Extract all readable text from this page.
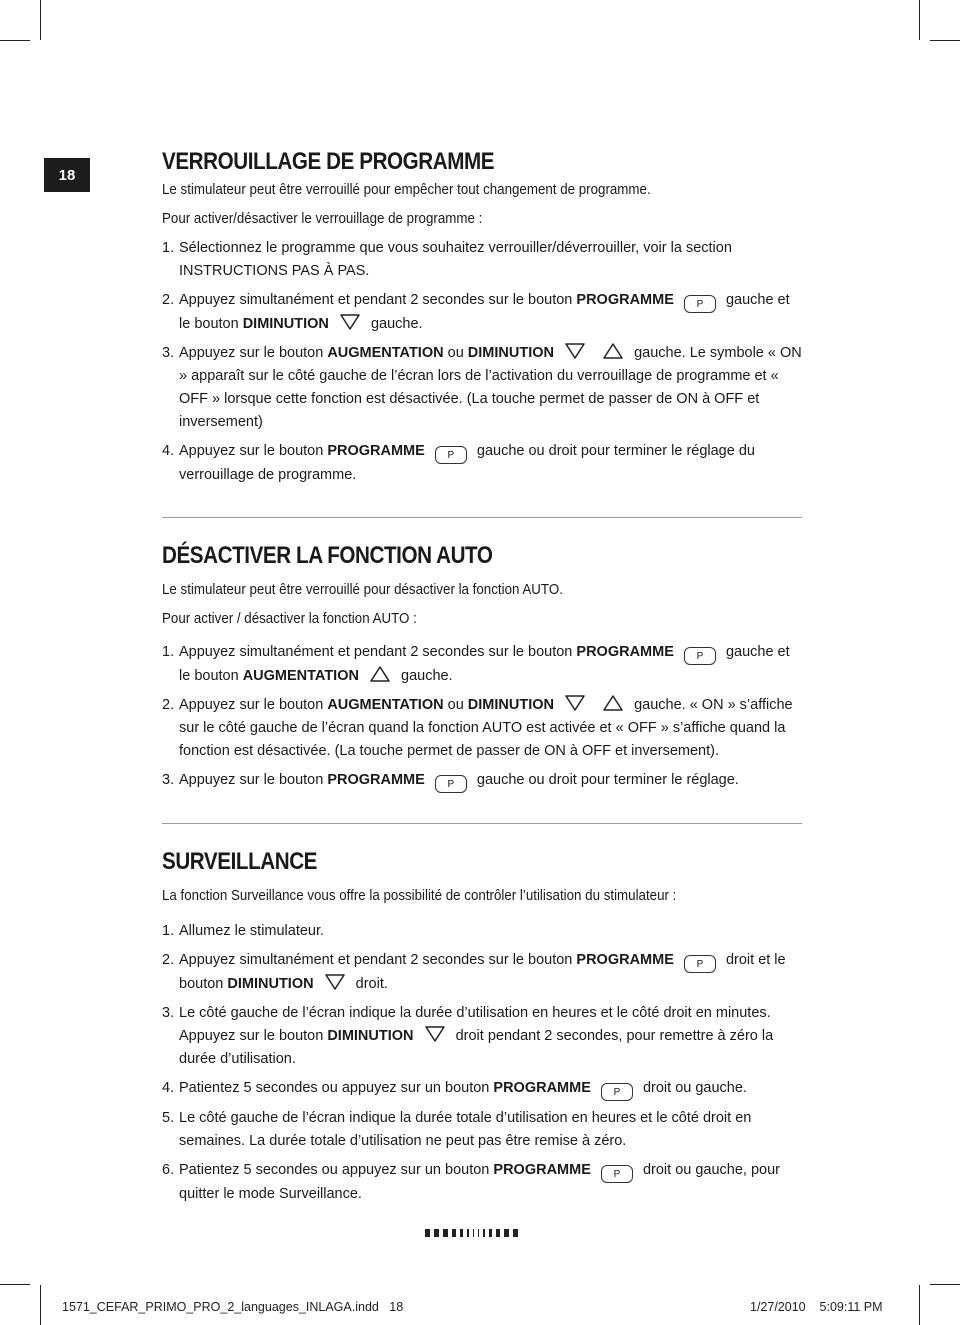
18	VERROUILLAGE DE PROGRAMME

Le stimulateur peut être verrouillé pour empêcher tout changement de programme.

Pour activer/désactiver le verrouillage de programme :

1. Sélectionnez le programme que vous souhaitez verrouiller/déverrouiller, voir la section INSTRUCTIONS PAS À PAS.
2. Appuyez simultanément et pendant 2 secondes sur le bouton PROGRAMME P gauche et le bouton DIMINUTION	gauche.
3. Appuyez sur le bouton AUGMENTATION ou DIMINUTION	gauche. Le symbole « ON » apparaît sur le côté gauche de l’écran lors de l’activation du verrouillage de programme et « OFF » lorsque cette fonction est désactivée. (La touche permet de passer de ON à OFF et inversement)
4. Appuyez sur le bouton PROGRAMME P gauche ou droit pour terminer le réglage du verrouillage de programme.
DÉSACTIVER LA FONCTION AUTO

Le stimulateur peut être verrouillé pour désactiver la fonction AUTO.

Pour activer / désactiver la fonction AUTO :

1. Appuyez simultanément et pendant 2 secondes sur le bouton PROGRAMME P gauche et le bouton AUGMENTATION	gauche.
2. Appuyez sur le bouton AUGMENTATION ou DIMINUTION	gauche. « ON » s’affiche sur le côté gauche de l’écran quand la fonction AUTO est activée et « OFF » s’affiche quand la fonction est désactivée. (La touche permet de passer de ON à OFF et inversement).
3. Appuyez sur le bouton PROGRAMME P gauche ou droit pour terminer le réglage.
SURVEILLANCE

La fonction Surveillance vous offre la possibilité de contrôler l’utilisation du stimulateur :

1. Allumez le stimulateur.
2. Appuyez simultanément et pendant 2 secondes sur le bouton PROGRAMME P droit et le bouton DIMINUTION	droit.
3. Le côté gauche de l’écran indique la durée d’utilisation en heures et le côté droit en minutes. Appuyez sur le bouton DIMINUTION	droit pendant 2 secondes, pour remettre à zéro la durée d’utilisation.
4. Patientez 5 secondes ou appuyez sur un bouton PROGRAMME P droit ou gauche.
5. Le côté gauche de l’écran indique la durée totale d’utilisation en heures et le côté droit en semaines. La durée totale d’utilisation ne peut pas être remise à zéro.
6. Patientez 5 secondes ou appuyez sur un bouton PROGRAMME P droit ou gauche, pour quitter le mode Surveillance.
1571_CEFAR_PRIMO_PRO_2_languages_INLAGA.indd 18	1/27/2010 5:09:11 PM
